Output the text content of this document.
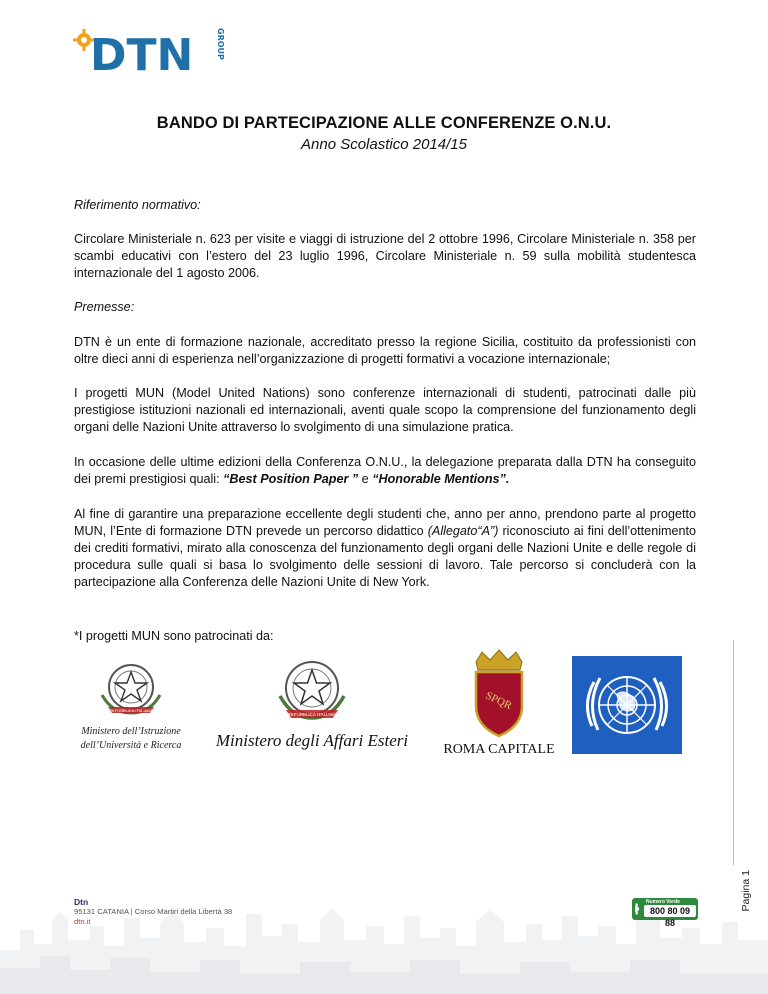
DTN	GROUP
BANDO DI PARTECIPAZIONE ALLE CONFERENZE O.N.U.
Anno Scolastico 2014/15
Riferimento normativo:
Circolare Ministeriale n. 623 per visite e viaggi di istruzione del 2 ottobre 1996, Circolare Ministeriale n. 358 per scambi educativi con l’estero del 23 luglio 1996, Circolare Ministeriale n. 59 sulla mobilità studentesca internazionale del 1 agosto 2006.
Premesse:
DTN è un ente di formazione nazionale, accreditato presso la regione Sicilia, costituito da professionisti con oltre dieci anni di esperienza nell’organizzazione di progetti formativi a vocazione internazionale;
I progetti MUN (Model United Nations) sono conferenze internazionali di studenti, patrocinati dalle più prestigiose istituzioni nazionali ed internazionali, aventi quale scopo la comprensione del funzionamento degli organi delle Nazioni Unite attraverso lo svolgimento di una simulazione pratica.
In occasione delle ultime edizioni della Conferenza O.N.U., la delegazione preparata dalla DTN ha conseguito dei premi prestigiosi quali: “Best Position Paper ” e “Honorable Mentions”.
Al fine di garantire una preparazione eccellente degli studenti che, anno per anno, prendono parte al progetto MUN, l’Ente di formazione DTN prevede un percorso didattico (Allegato“A”) riconosciuto ai fini dell’ottenimento dei crediti formativi, mirato alla conoscenza del funzionamento degli organi delle Nazioni Unite e delle regole di procedura sulle quali si basa lo svolgimento delle sessioni di lavoro. Tale percorso si concluderà con la partecipazione alla Conferenza delle Nazioni Unite di New York.
*I progetti MUN sono patrocinati da:
REPUBBLICA ITALIANA
Ministero dell’Istruzione
dell’Università e Ricerca
REPUBBLICA ITALIANA
Ministero degli Affari Esteri
SPQR
ROMA CAPITALE
Pagina 1
Dtn
95131 CATANIA | Corso Martiri della Libertà 38
dtn.it
Numero Verde
800 80 09 88
